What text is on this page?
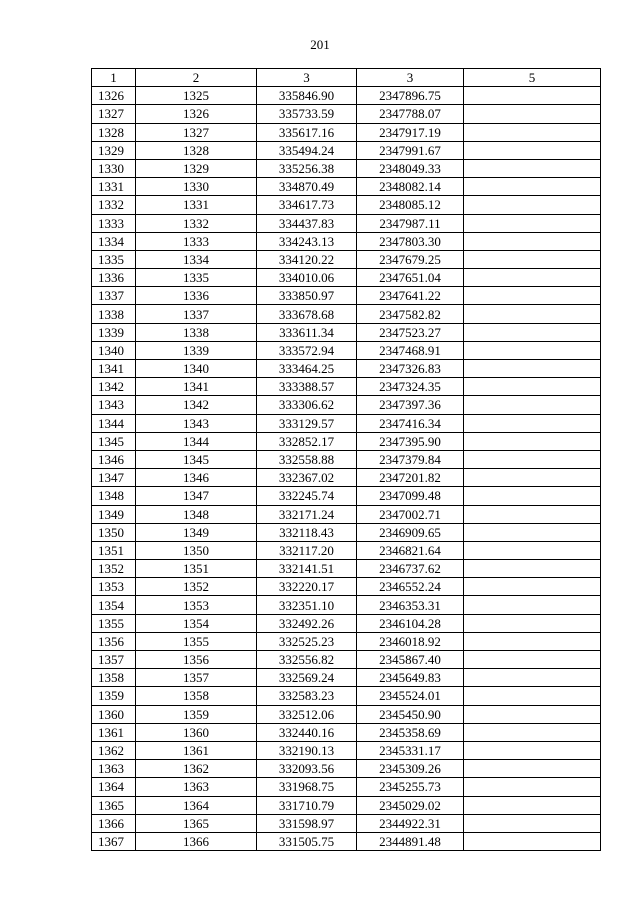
201
1	2	3	3	5
1326	1325	335846.90	2347896.75	
1327	1326	335733.59	2347788.07	
1328	1327	335617.16	2347917.19	
1329	1328	335494.24	2347991.67	
1330	1329	335256.38	2348049.33	
1331	1330	334870.49	2348082.14	
1332	1331	334617.73	2348085.12	
1333	1332	334437.83	2347987.11	
1334	1333	334243.13	2347803.30	
1335	1334	334120.22	2347679.25	
1336	1335	334010.06	2347651.04	
1337	1336	333850.97	2347641.22	
1338	1337	333678.68	2347582.82	
1339	1338	333611.34	2347523.27	
1340	1339	333572.94	2347468.91	
1341	1340	333464.25	2347326.83	
1342	1341	333388.57	2347324.35	
1343	1342	333306.62	2347397.36	
1344	1343	333129.57	2347416.34	
1345	1344	332852.17	2347395.90	
1346	1345	332558.88	2347379.84	
1347	1346	332367.02	2347201.82	
1348	1347	332245.74	2347099.48	
1349	1348	332171.24	2347002.71	
1350	1349	332118.43	2346909.65	
1351	1350	332117.20	2346821.64	
1352	1351	332141.51	2346737.62	
1353	1352	332220.17	2346552.24	
1354	1353	332351.10	2346353.31	
1355	1354	332492.26	2346104.28	
1356	1355	332525.23	2346018.92	
1357	1356	332556.82	2345867.40	
1358	1357	332569.24	2345649.83	
1359	1358	332583.23	2345524.01	
1360	1359	332512.06	2345450.90	
1361	1360	332440.16	2345358.69	
1362	1361	332190.13	2345331.17	
1363	1362	332093.56	2345309.26	
1364	1363	331968.75	2345255.73	
1365	1364	331710.79	2345029.02	
1366	1365	331598.97	2344922.31	
1367	1366	331505.75	2344891.48	
